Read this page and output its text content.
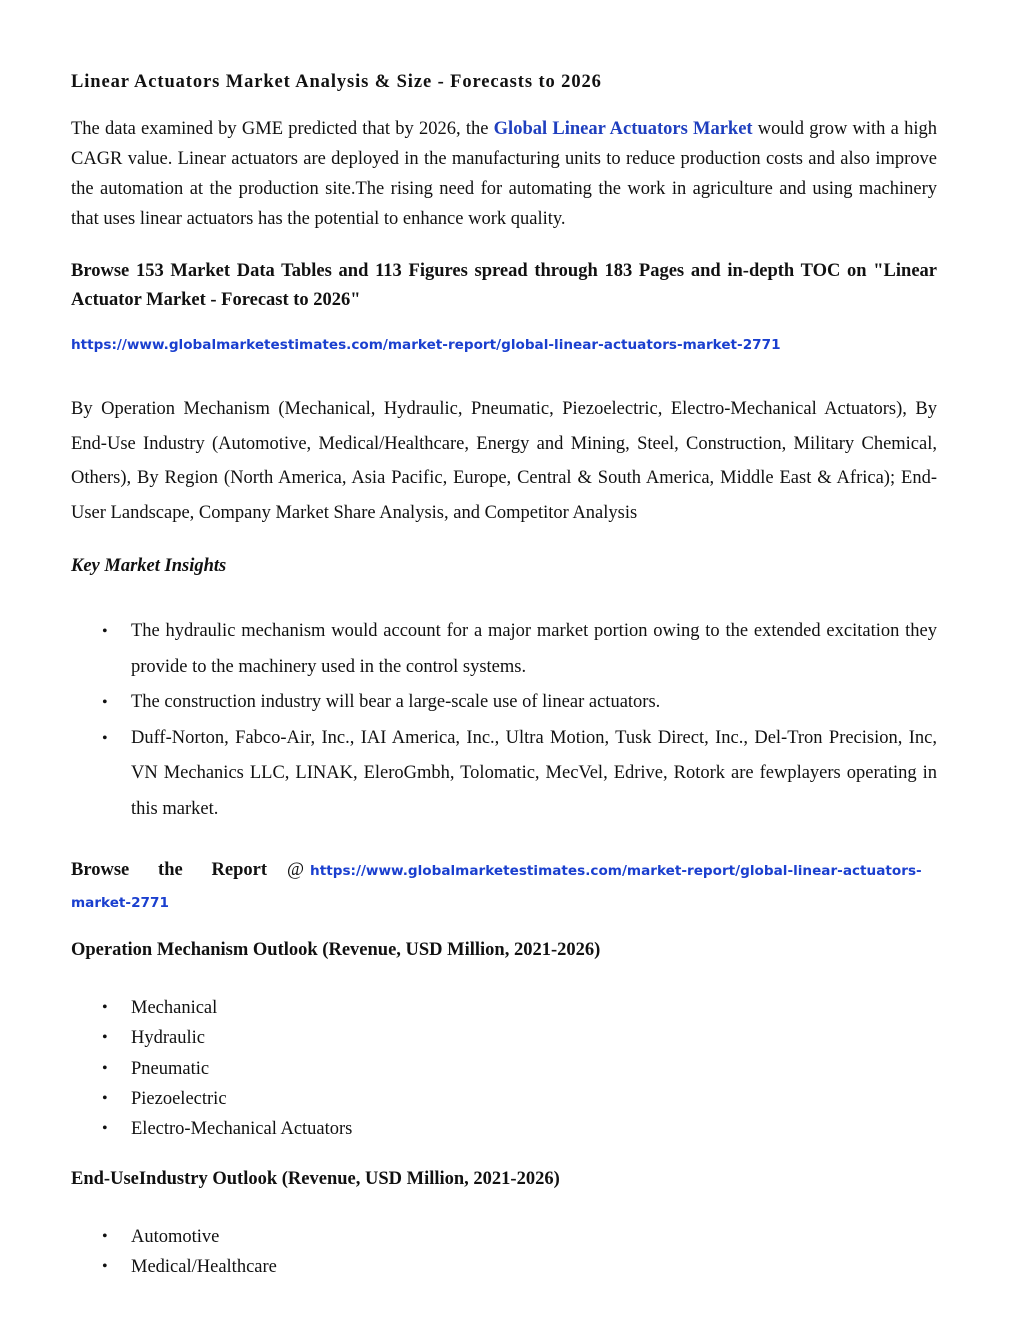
Linear Actuators Market Analysis & Size - Forecasts to 2026
The data examined by GME predicted that by 2026, the Global Linear Actuators Market would grow with a high CAGR value. Linear actuators are deployed in the manufacturing units to reduce production costs and also improve the automation at the production site.The rising need for automating the work in agriculture and using machinery that uses linear actuators has the potential to enhance work quality.
Browse 153 Market Data Tables and 113 Figures spread through 183 Pages and in-depth TOC on "Linear Actuator Market - Forecast to 2026"
https://www.globalmarketestimates.com/market-report/global-linear-actuators-market-2771
By Operation Mechanism (Mechanical, Hydraulic, Pneumatic, Piezoelectric, Electro-Mechanical Actuators), By End-Use Industry (Automotive, Medical/Healthcare, Energy and Mining, Steel, Construction, Military Chemical, Others), By Region (North America, Asia Pacific, Europe, Central & South America, Middle East & Africa); End-User Landscape, Company Market Share Analysis, and Competitor Analysis
Key Market Insights
• The hydraulic mechanism would account for a major market portion owing to the extended excitation they provide to the machinery used in the control systems.
• The construction industry will bear a large-scale use of linear actuators.
• Duff-Norton, Fabco-Air, Inc., IAI America, Inc., Ultra Motion, Tusk Direct, Inc., Del-Tron Precision, Inc, VN Mechanics LLC, LINAK, EleroGmbh, Tolomatic, MecVel, Edrive, Rotork are fewplayers operating in this market.
Browse the Report @ https://www.globalmarketestimates.com/market-report/global-linear-actuators-
market-2771
Operation Mechanism Outlook (Revenue, USD Million, 2021-2026)
• Mechanical
• Hydraulic
• Pneumatic
• Piezoelectric
• Electro-Mechanical Actuators
End-UseIndustry Outlook (Revenue, USD Million, 2021-2026)
• Automotive
• Medical/Healthcare
